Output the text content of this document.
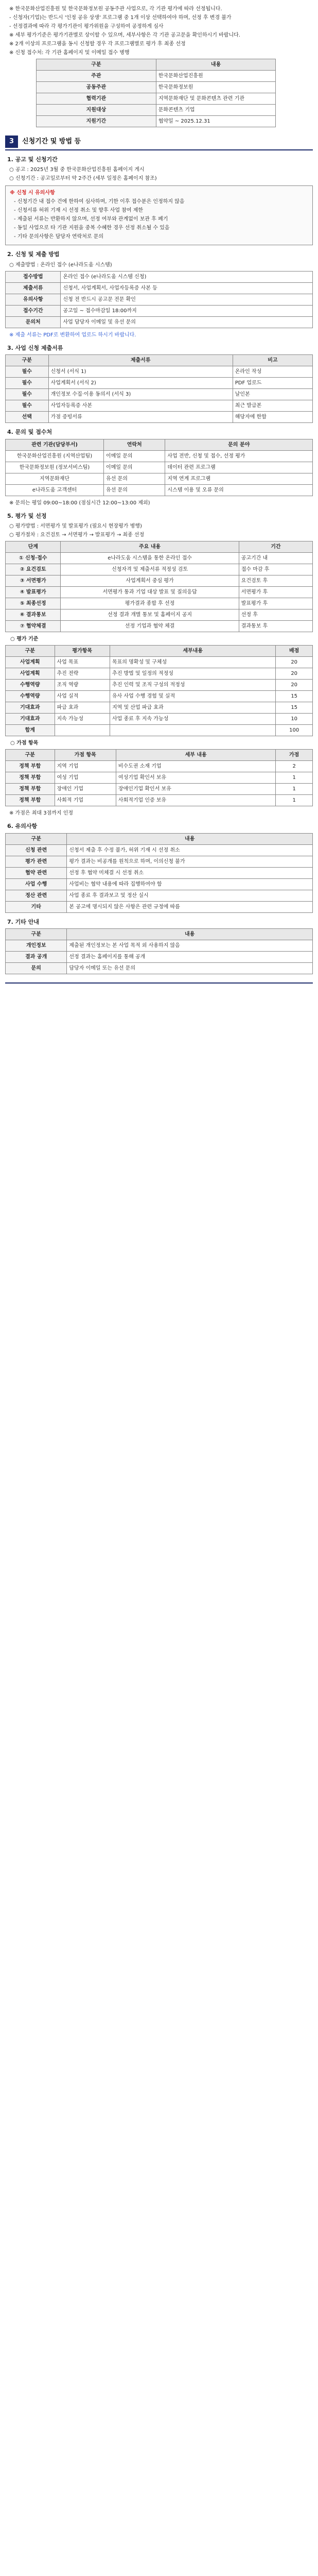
※ 한국문화산업진흥원 및 한국문화정보원 공동주관 사업으로, 각 기관 평가에 따라 선정됩니다.
- 신청자(기업)는 반드시 '인정 공유 상생' 프로그램 중 1개 이상 선택하여야 하며, 선정 후 변경 불가
- 선정결과에 따라 각 평가기관이 평가위원을 구성하여 공정하게 심사
※ 세부 평가기준은 평가기관별로 상이할 수 있으며, 세부사항은 각 기관 공고문을 확인하시기 바랍니다.
※ 2개 이상의 프로그램을 동시 신청할 경우 각 프로그램별로 평가 후 최종 선정
※ 신청 접수처: 각 기관 홈페이지 및 이메일 접수 병행
구분	내용
주관	한국문화산업진흥원
공동주관	한국문화정보원
협력기관	지역문화재단 및 문화콘텐츠 관련 기관
지원대상	문화콘텐츠 기업
지원기간	협약일 ~ 2025.12.31
3	신청기간 및 방법 등
1. 공고 및 신청기간
○ 공고 : 2025년 3월 중 한국문화산업진흥원 홈페이지 게시
○ 신청기간 : 공고일로부터 약 2주간 (세부 일정은 홈페이지 참조)
※ 신청 시 유의사항
- 신청기간 내 접수 건에 한하여 심사하며, 기한 이후 접수분은 인정하지 않음
- 신청서류 허위 기재 시 선정 취소 및 향후 사업 참여 제한
- 제출된 서류는 반환하지 않으며, 선정 여부와 관계없이 보관 후 폐기
- 동일 사업으로 타 기관 지원을 중복 수혜한 경우 선정 취소될 수 있음
- 기타 문의사항은 담당자 연락처로 문의
2. 신청 및 제출 방법
○ 제출방법 : 온라인 접수 (e나라도움 시스템)
접수방법	온라인 접수 (e나라도움 시스템 신청)
제출서류	신청서, 사업계획서, 사업자등록증 사본 등
유의사항	신청 전 반드시 공고문 전문 확인
접수기간	공고일 ~ 접수마감일 18:00까지
문의처	사업 담당자 이메일 및 유선 문의
※ 제출 서류는 PDF로 변환하여 업로드 하시기 바랍니다.
3. 사업 신청 제출서류
구분	제출서류	비고
필수	신청서 (서식 1)	온라인 작성
필수	사업계획서 (서식 2)	PDF 업로드
필수	개인정보 수집·이용 동의서 (서식 3)	날인본
필수	사업자등록증 사본	최근 발급본
선택	가점 증빙서류	해당자에 한함
4. 문의 및 접수처
관련 기관(담당부서)	연락처	문의 분야
한국문화산업진흥원 (지역산업팀)	이메일 문의	사업 전반, 신청 및 접수, 선정 평가
한국문화정보원 (정보서비스팀)	이메일 문의	데이터 관련 프로그램
지역문화재단	유선 문의	지역 연계 프로그램
e나라도움 고객센터	유선 문의	시스템 이용 및 오류 문의
※ 문의는 평일 09:00~18:00 (점심시간 12:00~13:00 제외)
5. 평가 및 선정
○ 평가방법 : 서면평가 및 발표평가 (필요시 현장평가 병행)
○ 평가절차 : 요건검토 → 서면평가 → 발표평가 → 최종 선정
단계	주요 내용	기간
① 신청·접수	e나라도움 시스템을 통한 온라인 접수	공고기간 내
② 요건검토	신청자격 및 제출서류 적정성 검토	접수 마감 후
③ 서면평가	사업계획서 중심 평가	요건검토 후
④ 발표평가	서면평가 통과 기업 대상 발표 및 질의응답	서면평가 후
⑤ 최종선정	평가결과 종합 후 선정	발표평가 후
⑥ 결과통보	선정 결과 개별 통보 및 홈페이지 공지	선정 후
⑦ 협약체결	선정 기업과 협약 체결	결과통보 후
○ 평가 기준
구분	평가항목	세부내용	배점
사업계획	사업 목표	목표의 명확성 및 구체성	20
사업계획	추진 전략	추진 방법 및 일정의 적정성	20
수행역량	조직 역량	추진 인력 및 조직 구성의 적정성	20
수행역량	사업 실적	유사 사업 수행 경험 및 실적	15
기대효과	파급 효과	지역 및 산업 파급 효과	15
기대효과	지속 가능성	사업 종료 후 지속 가능성	10
합계			100
○ 가점 항목
구분	가점 항목	세부 내용	가점
정책 부합	지역 기업	비수도권 소재 기업	2
정책 부합	여성 기업	여성기업 확인서 보유	1
정책 부합	장애인 기업	장애인기업 확인서 보유	1
정책 부합	사회적 기업	사회적기업 인증 보유	1
※ 가점은 최대 3점까지 인정
6. 유의사항
구분	내용
신청 관련	신청서 제출 후 수정 불가, 허위 기재 시 선정 취소
평가 관련	평가 결과는 비공개를 원칙으로 하며, 이의신청 불가
협약 관련	선정 후 협약 미체결 시 선정 취소
사업 수행	사업비는 협약 내용에 따라 집행하여야 함
정산 관련	사업 종료 후 결과보고 및 정산 실시
기타	본 공고에 명시되지 않은 사항은 관련 규정에 따름
7. 기타 안내
구분	내용
개인정보	제출된 개인정보는 본 사업 목적 외 사용하지 않음
결과 공개	선정 결과는 홈페이지를 통해 공개
문의	담당자 이메일 또는 유선 문의
